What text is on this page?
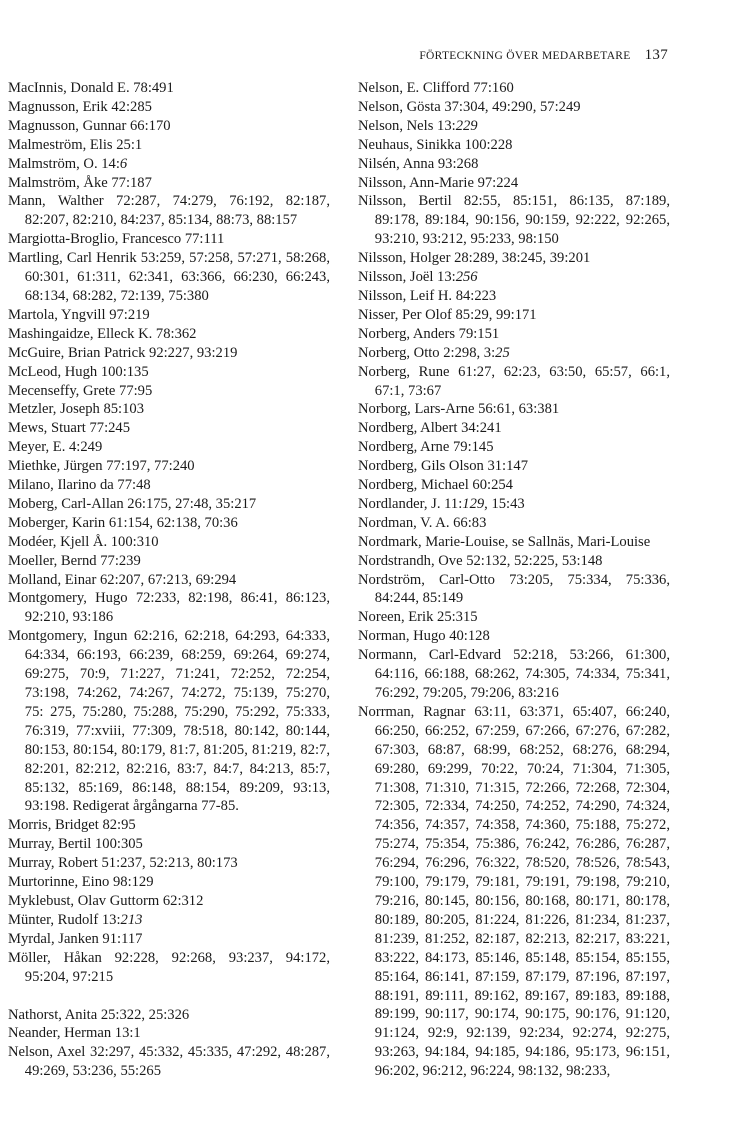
FÖRTECKNING ÖVER MEDARBETARE 137
MacInnis, Donald E. 78:491
Magnusson, Erik 42:285
Magnusson, Gunnar 66:170
Malmeström, Elis 25:1
Malmström, O. 14:6
Malmström, Åke 77:187
Mann, Walther 72:287, 74:279, 76:192, 82:187, 82:207, 82:210, 84:237, 85:134, 88:73, 88:157
Margiotta-Broglio, Francesco 77:111
Martling, Carl Henrik 53:259, 57:258, 57:271, 58:268, 60:301, 61:311, 62:341, 63:366, 66:230, 66:243, 68:134, 68:282, 72:139, 75:380
Martola, Yngvill 97:219
Mashingaidze, Elleck K. 78:362
McGuire, Brian Patrick 92:227, 93:219
McLeod, Hugh 100:135
Mecenseffy, Grete 77:95
Metzler, Joseph 85:103
Mews, Stuart 77:245
Meyer, E. 4:249
Miethke, Jürgen 77:197, 77:240
Milano, Ilarino da 77:48
Moberg, Carl-Allan 26:175, 27:48, 35:217
Moberger, Karin 61:154, 62:138, 70:36
Modéer, Kjell Å. 100:310
Moeller, Bernd 77:239
Molland, Einar 62:207, 67:213, 69:294
Montgomery, Hugo 72:233, 82:198, 86:41, 86:123, 92:210, 93:186
Montgomery, Ingun 62:216, 62:218, 64:293, 64:333, 64:334, 66:193, 66:239, 68:259, 69:264, 69:274, 69:275, 70:9, 71:227, 71:241, 72:252, 72:254, 73:198, 74:262, 74:267, 74:272, 75:139, 75:270, 75: 275, 75:280, 75:288, 75:290, 75:292, 75:333, 76:319, 77:xviii, 77:309, 78:518, 80:142, 80:144, 80:153, 80:154, 80:179, 81:7, 81:205, 81:219, 82:7, 82:201, 82:212, 82:216, 83:7, 84:7, 84:213, 85:7, 85:132, 85:169, 86:148, 88:154, 89:209, 93:13, 93:198. Redigerat årgångarna 77-85.
Morris, Bridget 82:95
Murray, Bertil 100:305
Murray, Robert 51:237, 52:213, 80:173
Murtorinne, Eino 98:129
Myklebust, Olav Guttorm 62:312
Münter, Rudolf 13:213
Myrdal, Janken 91:117
Möller, Håkan 92:228, 92:268, 93:237, 94:172, 95:204, 97:215
Nathorst, Anita 25:322, 25:326
Neander, Herman 13:1
Nelson, Axel 32:297, 45:332, 45:335, 47:292, 48:287, 49:269, 53:236, 55:265
Nelson, E. Clifford 77:160
Nelson, Gösta 37:304, 49:290, 57:249
Nelson, Nels 13:229
Neuhaus, Sinikka 100:228
Nilsén, Anna 93:268
Nilsson, Ann-Marie 97:224
Nilsson, Bertil 82:55, 85:151, 86:135, 87:189, 89:178, 89:184, 90:156, 90:159, 92:222, 92:265, 93:210, 93:212, 95:233, 98:150
Nilsson, Holger 28:289, 38:245, 39:201
Nilsson, Joël 13:256
Nilsson, Leif H. 84:223
Nisser, Per Olof 85:29, 99:171
Norberg, Anders 79:151
Norberg, Otto 2:298, 3:25
Norberg, Rune 61:27, 62:23, 63:50, 65:57, 66:1, 67:1, 73:67
Norborg, Lars-Arne 56:61, 63:381
Nordberg, Albert 34:241
Nordberg, Arne 79:145
Nordberg, Gils Olson 31:147
Nordberg, Michael 60:254
Nordlander, J. 11:129, 15:43
Nordman, V. A. 66:83
Nordmark, Marie-Louise, se Sallnäs, Mari-Louise
Nordstrandh, Ove 52:132, 52:225, 53:148
Nordström, Carl-Otto 73:205, 75:334, 75:336, 84:244, 85:149
Noreen, Erik 25:315
Norman, Hugo 40:128
Normann, Carl-Edvard 52:218, 53:266, 61:300, 64:116, 66:188, 68:262, 74:305, 74:334, 75:341, 76:292, 79:205, 79:206, 83:216
Norrman, Ragnar 63:11, 63:371, 65:407, 66:240, 66:250, 66:252, 67:259, 67:266, 67:276, 67:282, 67:303, 68:87, 68:99, 68:252, 68:276, 68:294, 69:280, 69:299, 70:22, 70:24, 71:304, 71:305, 71:308, 71:310, 71:315, 72:266, 72:268, 72:304, 72:305, 72:334, 74:250, 74:252, 74:290, 74:324, 74:356, 74:357, 74:358, 74:360, 75:188, 75:272, 75:274, 75:354, 75:386, 76:242, 76:286, 76:287, 76:294, 76:296, 76:322, 78:520, 78:526, 78:543, 79:100, 79:179, 79:181, 79:191, 79:198, 79:210, 79:216, 80:145, 80:156, 80:168, 80:171, 80:178, 80:189, 80:205, 81:224, 81:226, 81:234, 81:237, 81:239, 81:252, 82:187, 82:213, 82:217, 83:221, 83:222, 84:173, 85:146, 85:148, 85:154, 85:155, 85:164, 86:141, 87:159, 87:179, 87:196, 87:197, 88:191, 89:111, 89:162, 89:167, 89:183, 89:188, 89:199, 90:117, 90:174, 90:175, 90:176, 91:120, 91:124, 92:9, 92:139, 92:234, 92:274, 92:275, 93:263, 94:184, 94:185, 94:186, 95:173, 96:151, 96:202, 96:212, 96:224, 98:132, 98:233,
